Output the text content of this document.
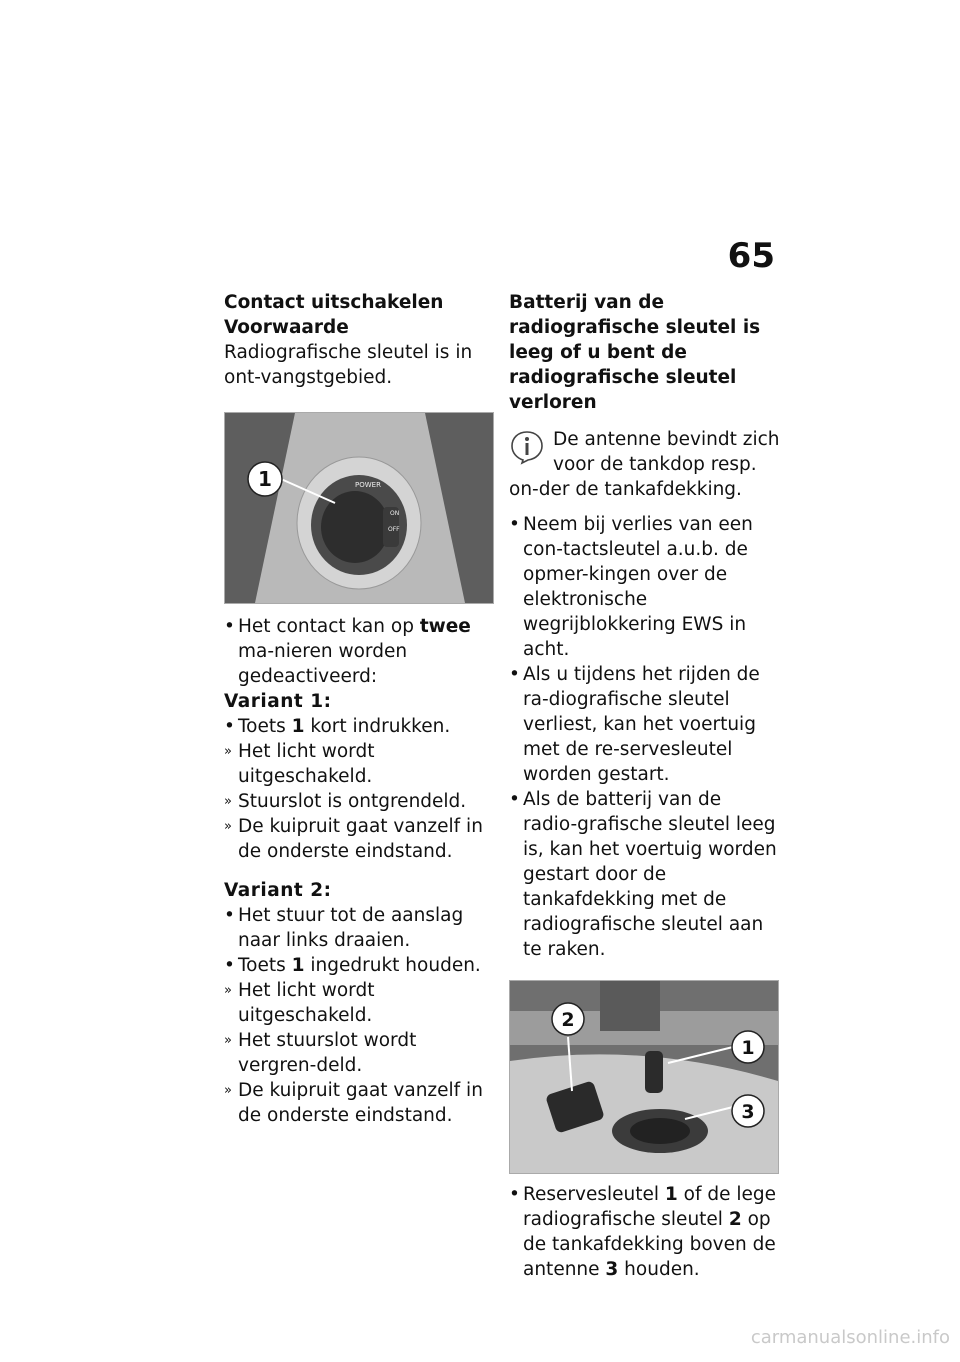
65
Contact uitschakelen
Voorwaarde

Radiografische sleutel is in ont-vangstgebied.

POWER
ON
OFF
1
• Het contact kan op twee ma-nieren worden gedeactiveerd:
Variant 1:
• Toets 1 kort indrukken.
» Het licht wordt uitgeschakeld.
» Stuurslot is ontgrendeld.
» De kuipruit gaat vanzelf in de onderste eindstand.
Variant 2:
• Het stuur tot de aanslag naar links draaien.
• Toets 1 ingedrukt houden.
» Het licht wordt uitgeschakeld.
» Het stuurslot wordt vergren-deld.
» De kuipruit gaat vanzelf in de onderste eindstand.
Batterij van de radiografische sleutel is leeg of u bent de radiografische sleutel verloren
De antenne bevindt zich voor de tankdop resp. on-der de tankafdekking.
• Neem bij verlies van een con-tactsleutel a.u.b. de opmer-kingen over de elektronische wegrijblokkering EWS in acht.
• Als u tijdens het rijden de ra-diografische sleutel verliest, kan het voertuig met de re-servesleutel worden gestart.
• Als de batterij van de radio-grafische sleutel leeg is, kan het voertuig worden gestart door de tankafdekking met de radiografische sleutel aan te raken.
2
1
3
• Reservesleutel 1 of de lege radiografische sleutel 2 op de tankafdekking boven de antenne 3 houden.
carmanualsonline.info
